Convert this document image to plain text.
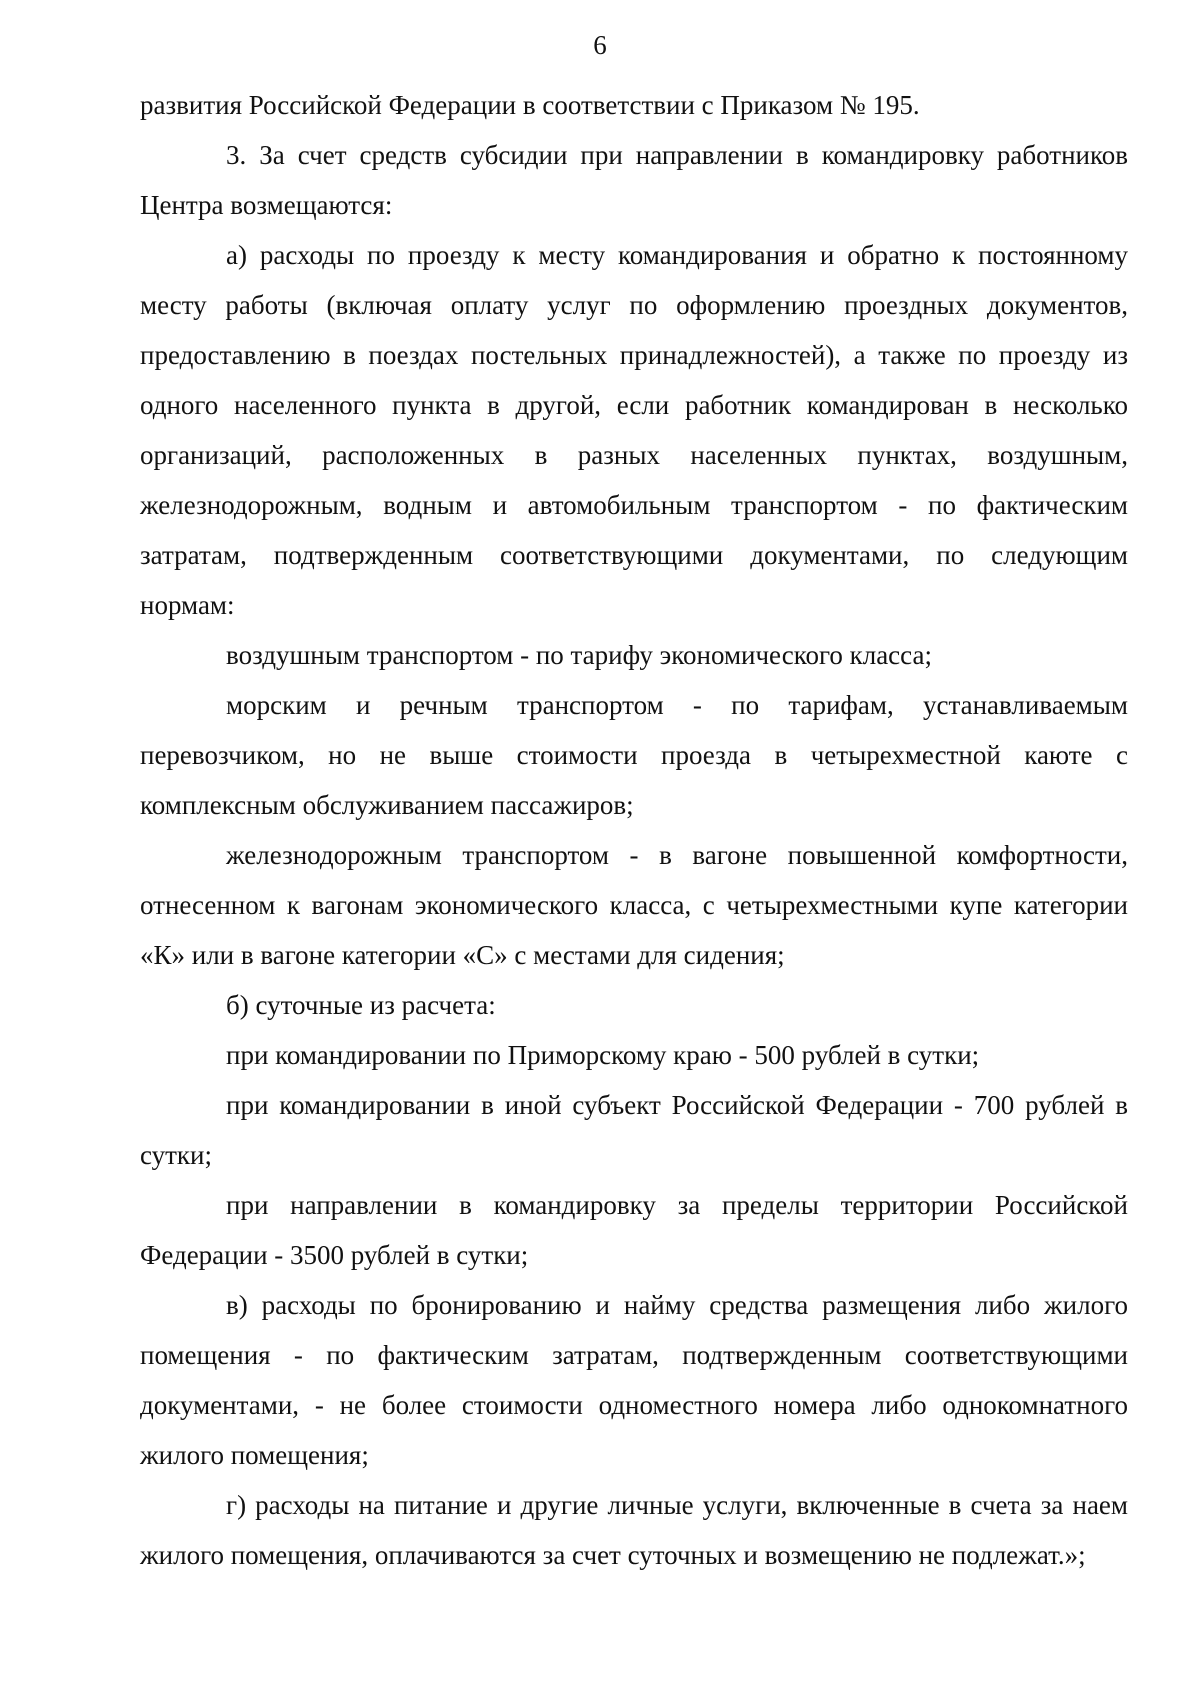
6

развития Российской Федерации в соответствии с Приказом № 195.

3. За счет средств субсидии при направлении в командировку работников Центра возмещаются:

а) расходы по проезду к месту командирования и обратно к постоянному месту работы (включая оплату услуг по оформлению проездных документов, предоставлению в поездах постельных принадлежностей), а также по проезду из одного населенного пункта в другой, если работник командирован в несколько организаций, расположенных в разных населенных пунктах, воздушным, железнодорожным, водным и автомобильным транспортом - по фактическим затратам, подтвержденным соответствующими документами, по следующим нормам:

воздушным транспортом - по тарифу экономического класса;

морским и речным транспортом - по тарифам, устанавливаемым перевозчиком, но не выше стоимости проезда в четырехместной каюте с комплексным обслуживанием пассажиров;

железнодорожным транспортом - в вагоне повышенной комфортности, отнесенном к вагонам экономического класса, с четырехместными купе категории «К» или в вагоне категории «С» с местами для сидения;

б) суточные из расчета:

при командировании по Приморскому краю - 500 рублей в сутки;

при командировании в иной субъект Российской Федерации - 700 рублей в сутки;

при направлении в командировку за пределы территории Российской Федерации - 3500 рублей в сутки;

в) расходы по бронированию и найму средства размещения либо жилого помещения - по фактическим затратам, подтвержденным соответствующими документами, - не более стоимости одноместного номера либо однокомнатного жилого помещения;

г) расходы на питание и другие личные услуги, включенные в счета за наем жилого помещения, оплачиваются за счет суточных и возмещению не подлежат.»;
